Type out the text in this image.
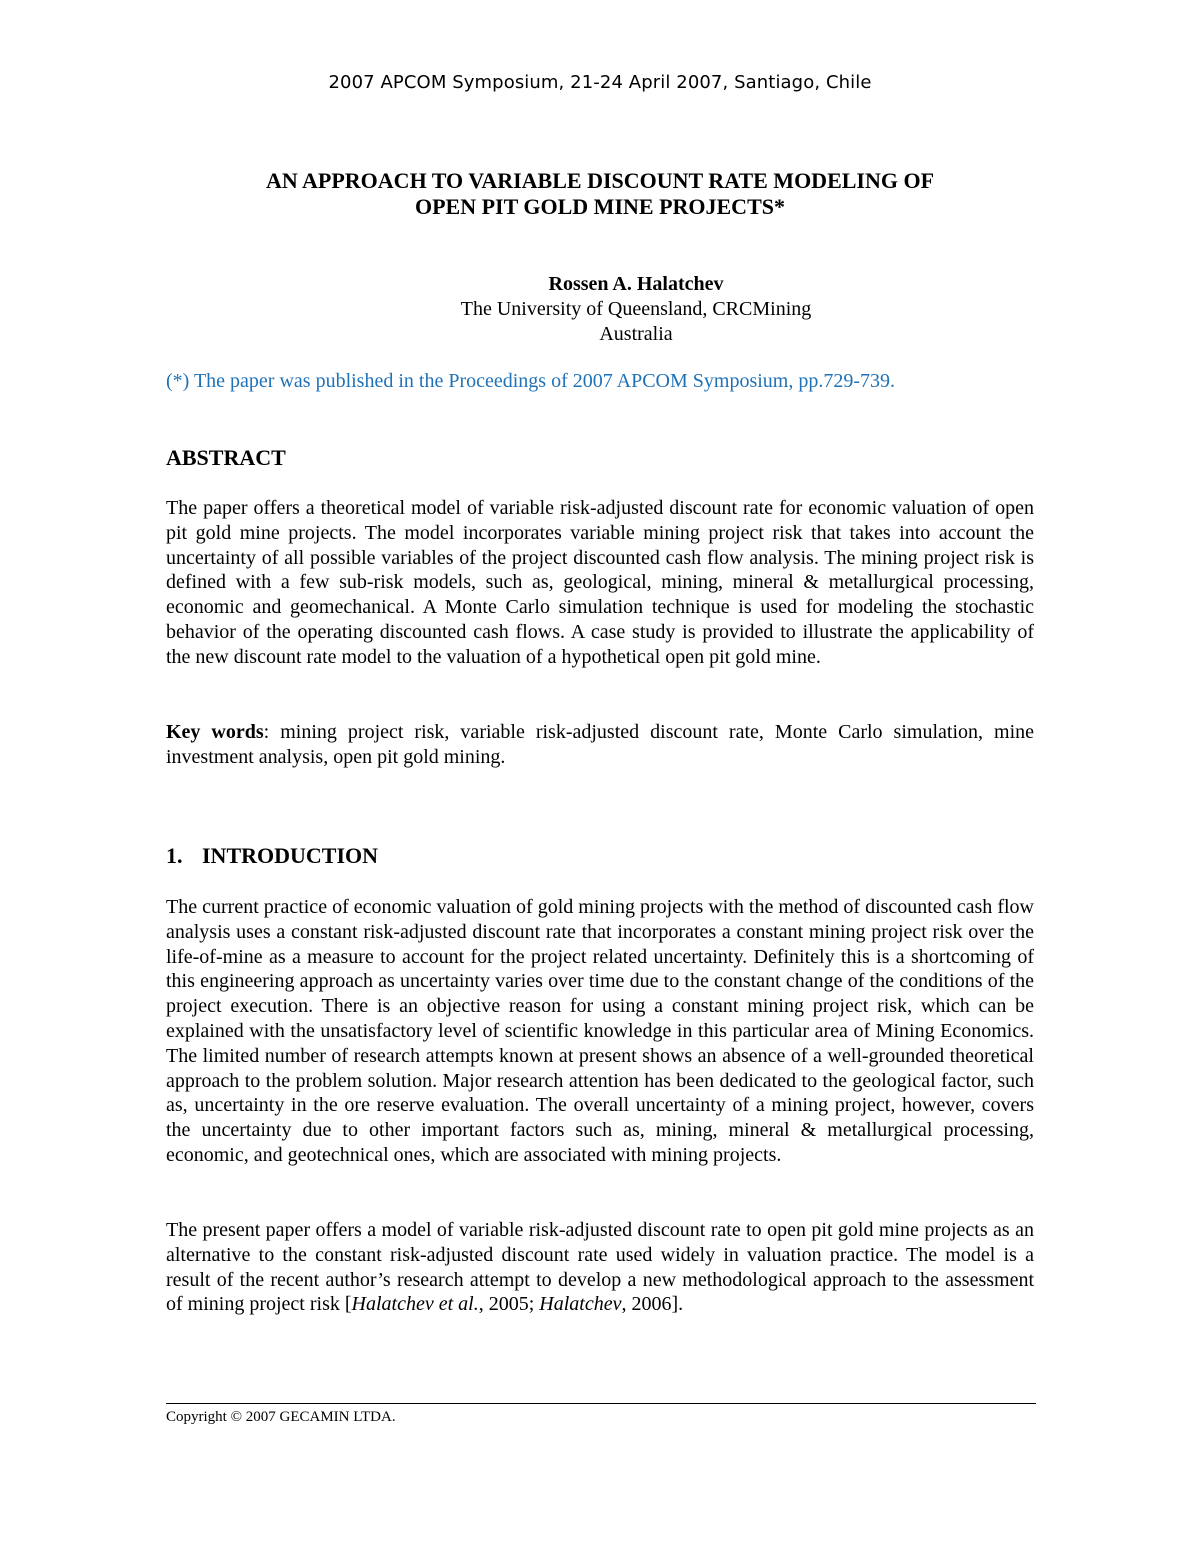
2007 APCOM Symposium, 21-24 April 2007, Santiago, Chile
AN APPROACH TO VARIABLE DISCOUNT RATE MODELING OF
OPEN PIT GOLD MINE PROJECTS*
Rossen A. Halatchev
The University of Queensland, CRCMining
Australia
(*) The paper was published in the Proceedings of 2007 APCOM Symposium, pp.729-739.
ABSTRACT

The paper offers a theoretical model of variable risk-adjusted discount rate for economic valuation of open pit gold mine projects. The model incorporates variable mining project risk that takes into account the uncertainty of all possible variables of the project discounted cash flow analysis. The mining project risk is defined with a few sub-risk models, such as, geological, mining, mineral & metallurgical processing, economic and geomechanical. A Monte Carlo simulation technique is used for modeling the stochastic behavior of the operating discounted cash flows. A case study is provided to illustrate the applicability of the new discount rate model to the valuation of a hypothetical open pit gold mine.

Key words: mining project risk, variable risk-adjusted discount rate, Monte Carlo simulation, mine investment analysis, open pit gold mining.

1. INTRODUCTION

The current practice of economic valuation of gold mining projects with the method of discounted cash flow analysis uses a constant risk-adjusted discount rate that incorporates a constant mining project risk over the life-of-mine as a measure to account for the project related uncertainty. Definitely this is a shortcoming of this engineering approach as uncertainty varies over time due to the constant change of the conditions of the project execution. There is an objective reason for using a constant mining project risk, which can be explained with the unsatisfactory level of scientific knowledge in this particular area of Mining Economics. The limited number of research attempts known at present shows an absence of a well-grounded theoretical approach to the problem solution. Major research attention has been dedicated to the geological factor, such as, uncertainty in the ore reserve evaluation. The overall uncertainty of a mining project, however, covers the uncertainty due to other important factors such as, mining, mineral & metallurgical processing, economic, and geotechnical ones, which are associated with mining projects.

The present paper offers a model of variable risk-adjusted discount rate to open pit gold mine projects as an alternative to the constant risk-adjusted discount rate used widely in valuation practice. The model is a result of the recent author’s research attempt to develop a new methodological approach to the assessment of mining project risk [Halatchev et al., 2005; Halatchev, 2006].

Copyright © 2007 GECAMIN LTDA.
